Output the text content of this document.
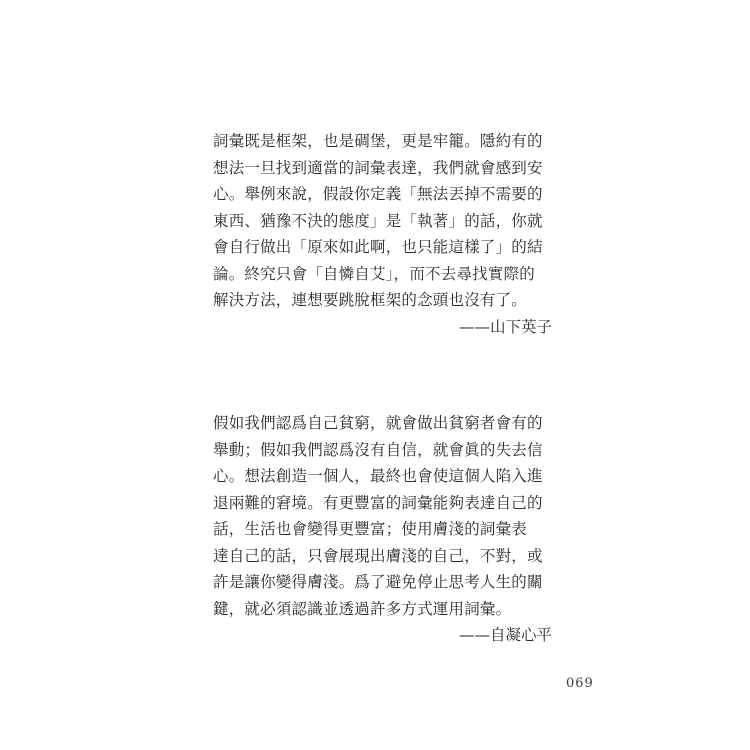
詞彙既是框架，也是碉堡，更是牢籠。隱約有的
想法一旦找到適當的詞彙表達，我們就會感到安
心。舉例來說，假設你定義「無法丟掉不需要的
東西、猶豫不決的態度」是「執著」的話，你就
會自行做出「原來如此啊，也只能這樣了」的結
論。終究只會「自憐自艾」，而不去尋找實際的
解決方法，連想要跳脫框架的念頭也沒有了。
——山下英子
假如我們認爲自己貧窮，就會做出貧窮者會有的
舉動；假如我們認爲沒有自信，就會眞的失去信
心。想法創造一個人，最終也會使這個人陷入進
退兩難的窘境。有更豐富的詞彙能夠表達自己的
話，生活也會變得更豐富；使用膚淺的詞彙表
達自己的話，只會展現出膚淺的自己，不對，或
許是讓你變得膚淺。爲了避免停止思考人生的關
鍵，就必須認識並透過許多方式運用詞彙。
——自凝心平
069
